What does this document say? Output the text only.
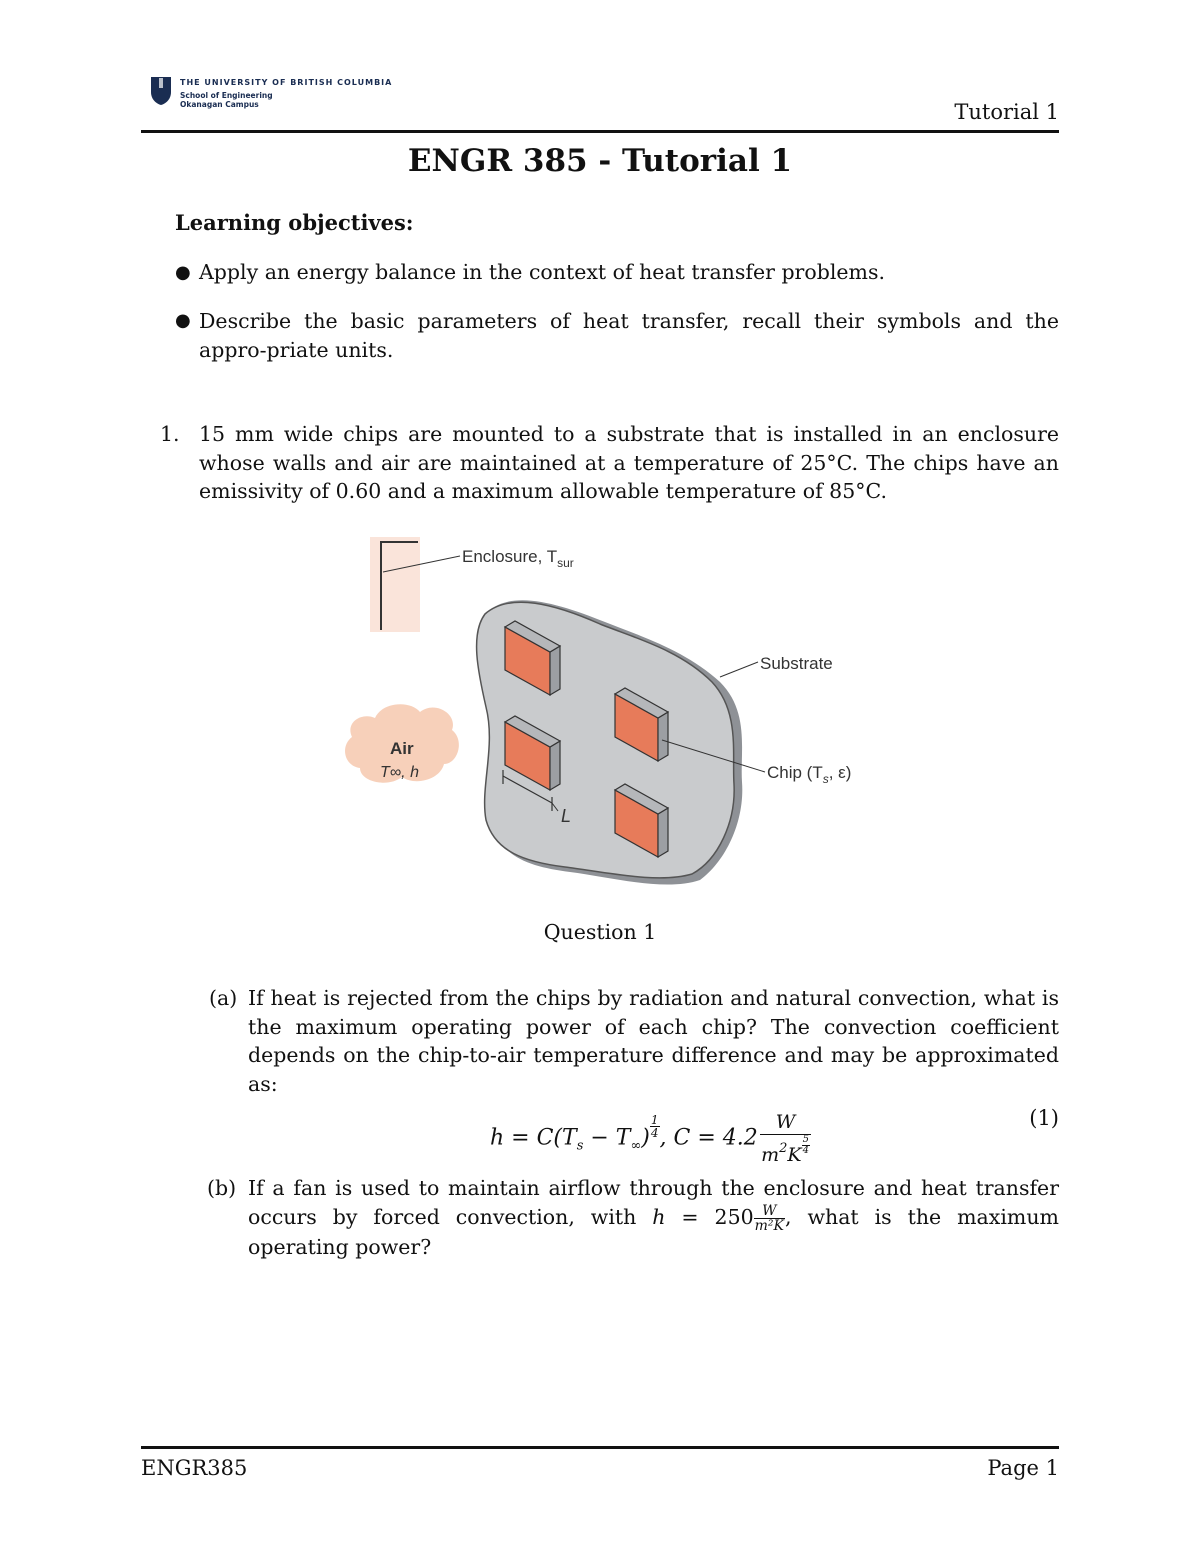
THE UNIVERSITY OF BRITISH COLUMBIA
School of Engineering
Okanagan Campus	Tutorial 1
ENGR 385 - Tutorial 1
Learning objectives:
● Apply an energy balance in the context of heat transfer problems.
● Describe the basic parameters of heat transfer, recall their symbols and the appro-priate units.
1. 15 mm wide chips are mounted to a substrate that is installed in an enclosure whose walls and air are maintained at a temperature of 25°C. The chips have an emissivity of 0.60 and a maximum allowable temperature of 85°C.
Enclosure, $T_{sur}$
L
Substrate
Chip ($T_s$, ε)
Air
T∞, h
Question 1
(a) If heat is rejected from the chips by radiation and natural convection, what is the maximum operating power of each chip? The convection coefficient depends on the chip-to-air temperature difference and may be approximated as:
$h = C(T_s - T_\infty) \frac{1}{4}$ , $C = 4.2 \frac{W}{m^2K \frac{5}{4}}$	(1)
(b) If a fan is used to maintain airflow through the enclosure and heat transfer occurs by forced convection, with $h = 250 \frac{W}{\text{m²K}}$ , what is the maximum operating power?
ENGR385	Page 1
